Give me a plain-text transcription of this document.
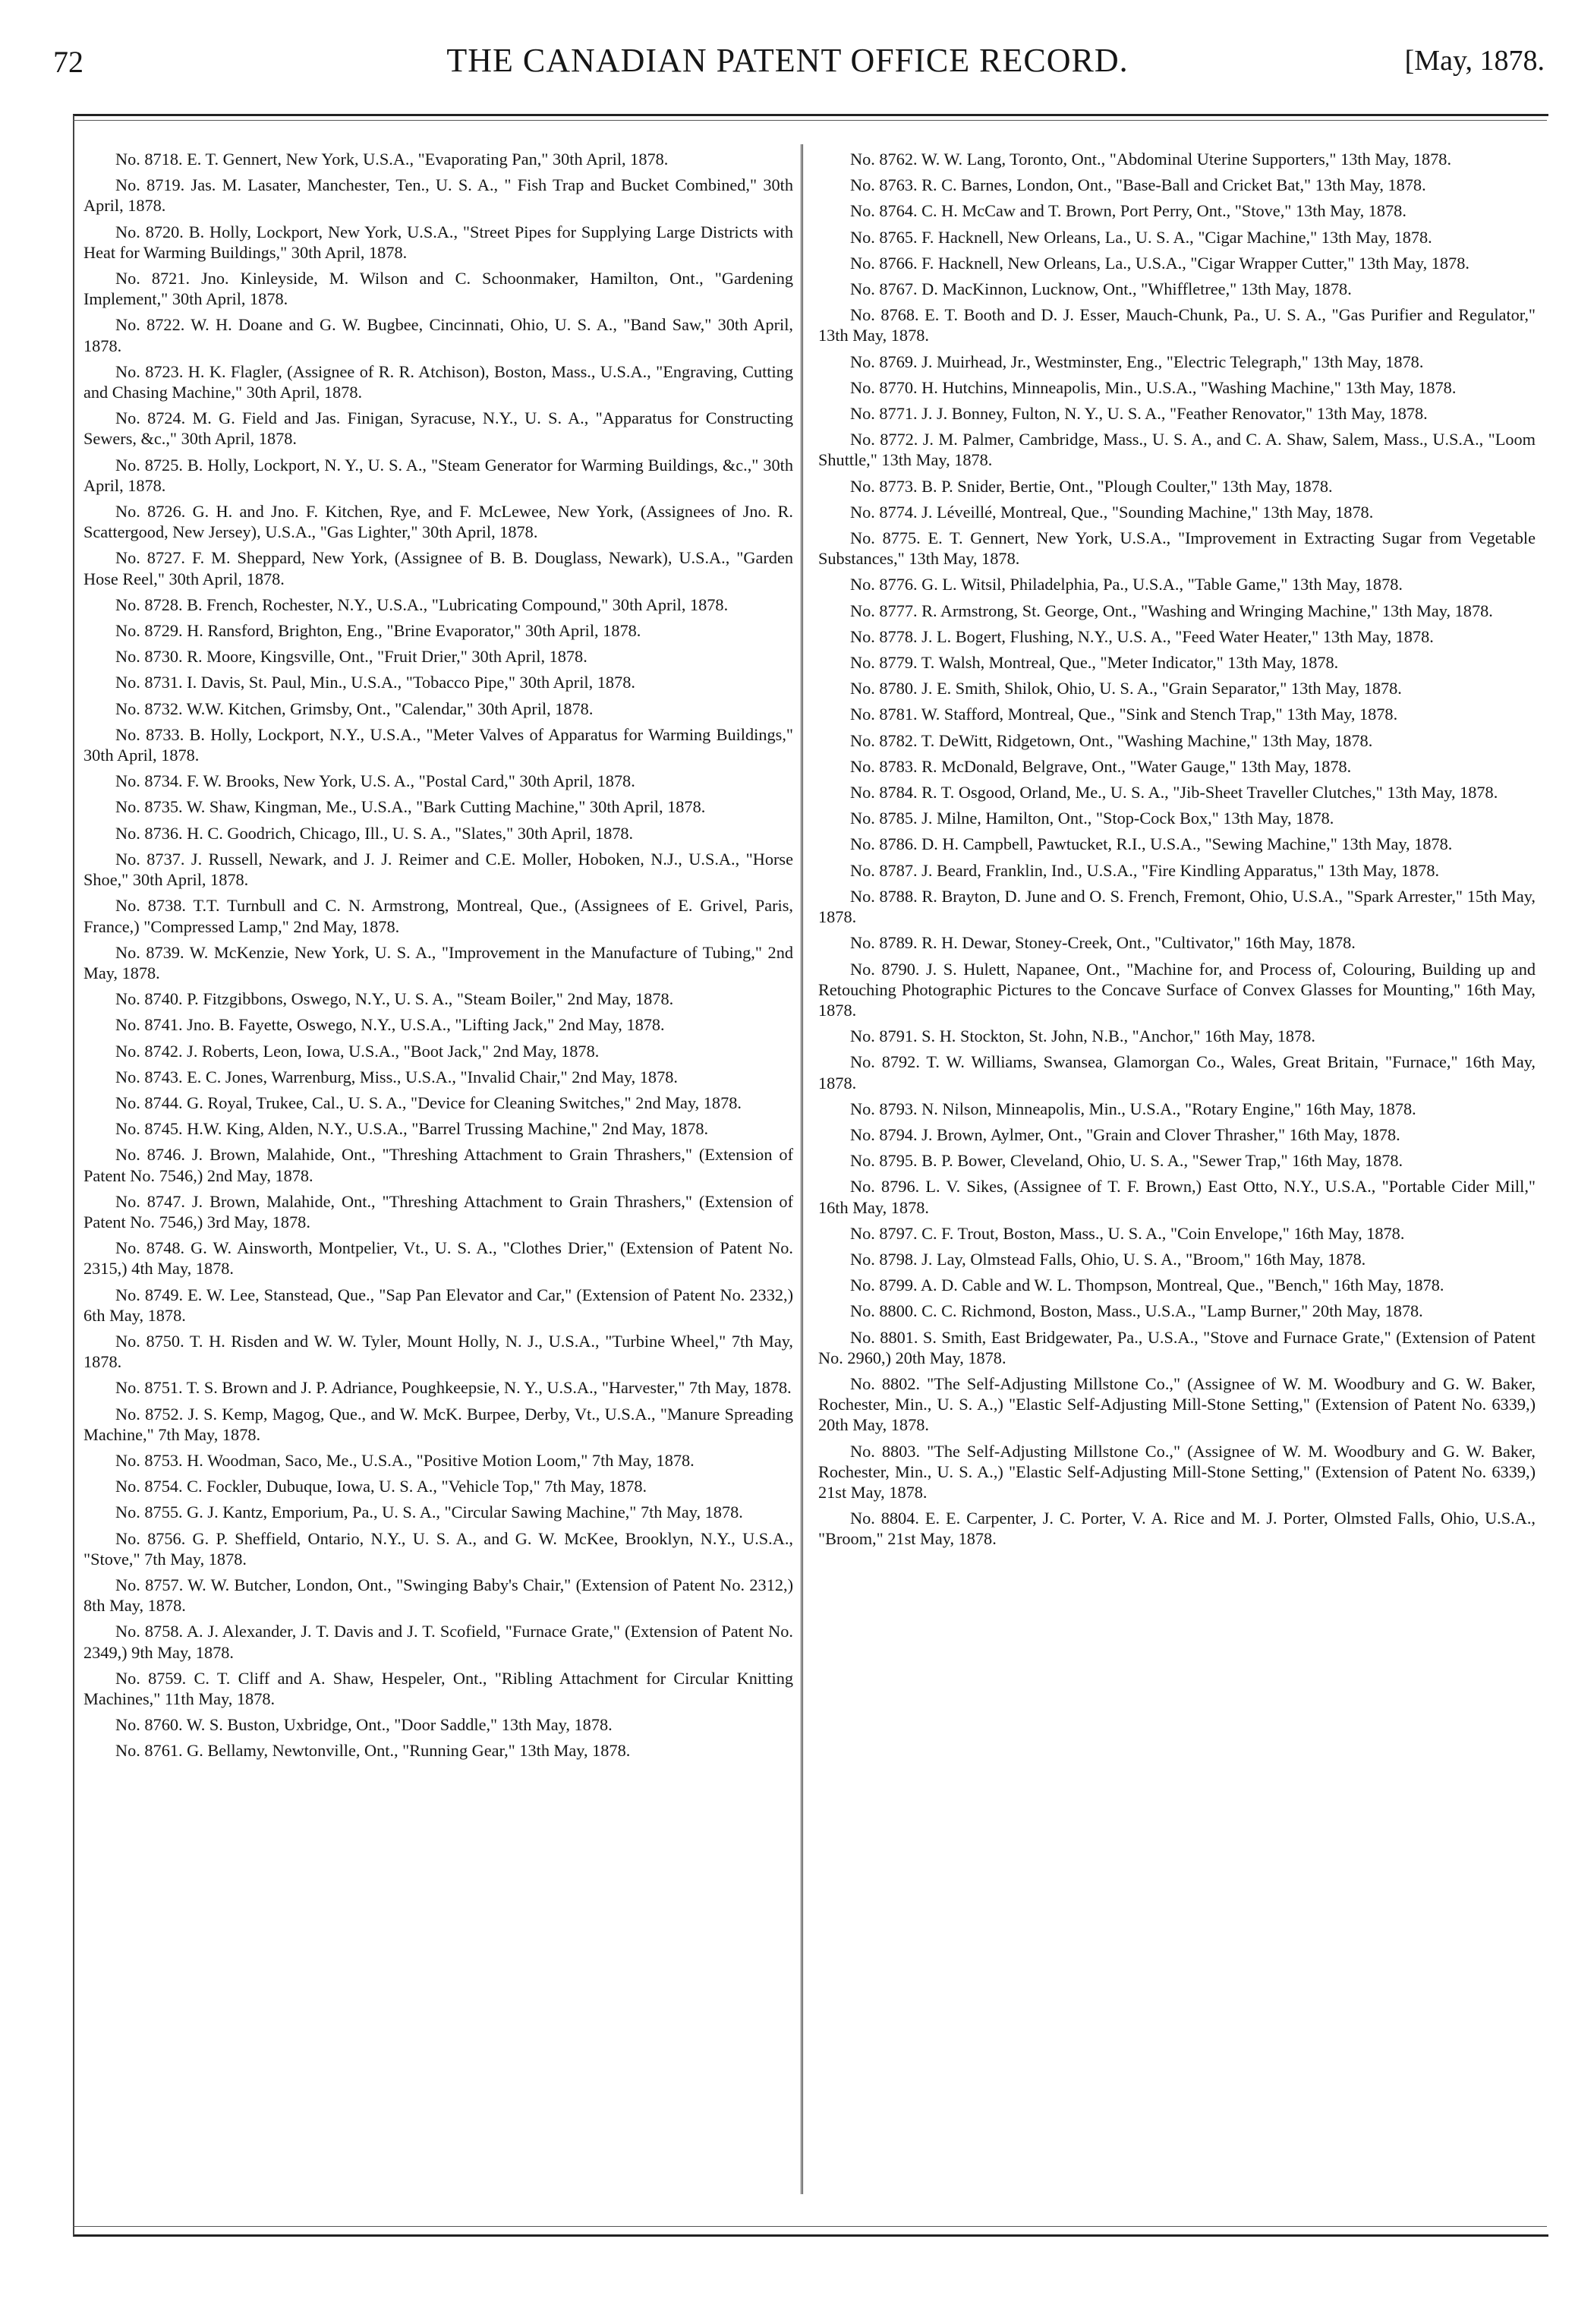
72	THE CANADIAN PATENT OFFICE RECORD.	[May, 1878.

No. 8718. E. T. Gennert, New York, U.S.A., "Evaporating Pan," 30th April, 1878.

No. 8719. Jas. M. Lasater, Manchester, Ten., U. S. A., " Fish Trap and Bucket Combined," 30th April, 1878.

No. 8720. B. Holly, Lockport, New York, U.S.A., "Street Pipes for Supplying Large Districts with Heat for Warming Buildings," 30th April, 1878.

No. 8721. Jno. Kinleyside, M. Wilson and C. Schoonmaker, Hamilton, Ont., "Gardening Implement," 30th April, 1878.

No. 8722. W. H. Doane and G. W. Bugbee, Cincinnati, Ohio, U. S. A., "Band Saw," 30th April, 1878.

No. 8723. H. K. Flagler, (Assignee of R. R. Atchison), Boston, Mass., U.S.A., "Engraving, Cutting and Chasing Machine," 30th April, 1878.

No. 8724. M. G. Field and Jas. Finigan, Syracuse, N.Y., U. S. A., "Apparatus for Constructing Sewers, &c.," 30th April, 1878.

No. 8725. B. Holly, Lockport, N. Y., U. S. A., "Steam Generator for Warming Buildings, &c.," 30th April, 1878.

No. 8726. G. H. and Jno. F. Kitchen, Rye, and F. McLewee, New York, (Assignees of Jno. R. Scattergood, New Jersey), U.S.A., "Gas Lighter," 30th April, 1878.

No. 8727. F. M. Sheppard, New York, (Assignee of B. B. Douglass, Newark), U.S.A., "Garden Hose Reel," 30th April, 1878.

No. 8728. B. French, Rochester, N.Y., U.S.A., "Lubricating Compound," 30th April, 1878.

No. 8729. H. Ransford, Brighton, Eng., "Brine Evaporator," 30th April, 1878.

No. 8730. R. Moore, Kingsville, Ont., "Fruit Drier," 30th April, 1878.

No. 8731. I. Davis, St. Paul, Min., U.S.A., "Tobacco Pipe," 30th April, 1878.

No. 8732. W.W. Kitchen, Grimsby, Ont., "Calendar," 30th April, 1878.

No. 8733. B. Holly, Lockport, N.Y., U.S.A., "Meter Valves of Apparatus for Warming Buildings," 30th April, 1878.

No. 8734. F. W. Brooks, New York, U.S. A., "Postal Card," 30th April, 1878.

No. 8735. W. Shaw, Kingman, Me., U.S.A., "Bark Cutting Machine," 30th April, 1878.

No. 8736. H. C. Goodrich, Chicago, Ill., U. S. A., "Slates," 30th April, 1878.

No. 8737. J. Russell, Newark, and J. J. Reimer and C.E. Moller, Hoboken, N.J., U.S.A., "Horse Shoe," 30th April, 1878.

No. 8738. T.T. Turnbull and C. N. Armstrong, Montreal, Que., (Assignees of E. Grivel, Paris, France,) "Compressed Lamp," 2nd May, 1878.

No. 8739. W. McKenzie, New York, U. S. A., "Improvement in the Manufacture of Tubing," 2nd May, 1878.

No. 8740. P. Fitzgibbons, Oswego, N.Y., U. S. A., "Steam Boiler," 2nd May, 1878.

No. 8741. Jno. B. Fayette, Oswego, N.Y., U.S.A., "Lifting Jack," 2nd May, 1878.

No. 8742. J. Roberts, Leon, Iowa, U.S.A., "Boot Jack," 2nd May, 1878.

No. 8743. E. C. Jones, Warrenburg, Miss., U.S.A., "Invalid Chair," 2nd May, 1878.

No. 8744. G. Royal, Trukee, Cal., U. S. A., "Device for Cleaning Switches," 2nd May, 1878.

No. 8745. H.W. King, Alden, N.Y., U.S.A., "Barrel Trussing Machine," 2nd May, 1878.

No. 8746. J. Brown, Malahide, Ont., "Threshing Attachment to Grain Thrashers," (Extension of Patent No. 7546,) 2nd May, 1878.

No. 8747. J. Brown, Malahide, Ont., "Threshing Attachment to Grain Thrashers," (Extension of Patent No. 7546,) 3rd May, 1878.

No. 8748. G. W. Ainsworth, Montpelier, Vt., U. S. A., "Clothes Drier," (Extension of Patent No. 2315,) 4th May, 1878.

No. 8749. E. W. Lee, Stanstead, Que., "Sap Pan Elevator and Car," (Extension of Patent No. 2332,) 6th May, 1878.

No. 8750. T. H. Risden and W. W. Tyler, Mount Holly, N. J., U.S.A., "Turbine Wheel," 7th May, 1878.

No. 8751. T. S. Brown and J. P. Adriance, Poughkeepsie, N. Y., U.S.A., "Harvester," 7th May, 1878.

No. 8752. J. S. Kemp, Magog, Que., and W. McK. Burpee, Derby, Vt., U.S.A., "Manure Spreading Machine," 7th May, 1878.

No. 8753. H. Woodman, Saco, Me., U.S.A., "Positive Motion Loom," 7th May, 1878.

No. 8754. C. Fockler, Dubuque, Iowa, U. S. A., "Vehicle Top," 7th May, 1878.

No. 8755. G. J. Kantz, Emporium, Pa., U. S. A., "Circular Sawing Machine," 7th May, 1878.

No. 8756. G. P. Sheffield, Ontario, N.Y., U. S. A., and G. W. McKee, Brooklyn, N.Y., U.S.A., "Stove," 7th May, 1878.

No. 8757. W. W. Butcher, London, Ont., "Swinging Baby's Chair," (Extension of Patent No. 2312,) 8th May, 1878.

No. 8758. A. J. Alexander, J. T. Davis and J. T. Scofield, "Furnace Grate," (Extension of Patent No. 2349,) 9th May, 1878.

No. 8759. C. T. Cliff and A. Shaw, Hespeler, Ont., "Ribling Attachment for Circular Knitting Machines," 11th May, 1878.

No. 8760. W. S. Buston, Uxbridge, Ont., "Door Saddle," 13th May, 1878.

No. 8761. G. Bellamy, Newtonville, Ont., "Running Gear," 13th May, 1878.

No. 8762. W. W. Lang, Toronto, Ont., "Abdominal Uterine Supporters," 13th May, 1878.

No. 8763. R. C. Barnes, London, Ont., "Base-Ball and Cricket Bat," 13th May, 1878.

No. 8764. C. H. McCaw and T. Brown, Port Perry, Ont., "Stove," 13th May, 1878.

No. 8765. F. Hacknell, New Orleans, La., U. S. A., "Cigar Machine," 13th May, 1878.

No. 8766. F. Hacknell, New Orleans, La., U.S.A., "Cigar Wrapper Cutter," 13th May, 1878.

No. 8767. D. MacKinnon, Lucknow, Ont., "Whiffletree," 13th May, 1878.

No. 8768. E. T. Booth and D. J. Esser, Mauch-Chunk, Pa., U. S. A., "Gas Purifier and Regulator," 13th May, 1878.

No. 8769. J. Muirhead, Jr., Westminster, Eng., "Electric Telegraph," 13th May, 1878.

No. 8770. H. Hutchins, Minneapolis, Min., U.S.A., "Washing Machine," 13th May, 1878.

No. 8771. J. J. Bonney, Fulton, N. Y., U. S. A., "Feather Renovator," 13th May, 1878.

No. 8772. J. M. Palmer, Cambridge, Mass., U. S. A., and C. A. Shaw, Salem, Mass., U.S.A., "Loom Shuttle," 13th May, 1878.

No. 8773. B. P. Snider, Bertie, Ont., "Plough Coulter," 13th May, 1878.

No. 8774. J. Léveillé, Montreal, Que., "Sounding Machine," 13th May, 1878.

No. 8775. E. T. Gennert, New York, U.S.A., "Improvement in Extracting Sugar from Vegetable Substances," 13th May, 1878.

No. 8776. G. L. Witsil, Philadelphia, Pa., U.S.A., "Table Game," 13th May, 1878.

No. 8777. R. Armstrong, St. George, Ont., "Washing and Wringing Machine," 13th May, 1878.

No. 8778. J. L. Bogert, Flushing, N.Y., U.S. A., "Feed Water Heater," 13th May, 1878.

No. 8779. T. Walsh, Montreal, Que., "Meter Indicator," 13th May, 1878.

No. 8780. J. E. Smith, Shilok, Ohio, U. S. A., "Grain Separator," 13th May, 1878.

No. 8781. W. Stafford, Montreal, Que., "Sink and Stench Trap," 13th May, 1878.

No. 8782. T. DeWitt, Ridgetown, Ont., "Washing Machine," 13th May, 1878.

No. 8783. R. McDonald, Belgrave, Ont., "Water Gauge," 13th May, 1878.

No. 8784. R. T. Osgood, Orland, Me., U. S. A., "Jib-Sheet Traveller Clutches," 13th May, 1878.

No. 8785. J. Milne, Hamilton, Ont., "Stop-Cock Box," 13th May, 1878.

No. 8786. D. H. Campbell, Pawtucket, R.I., U.S.A., "Sewing Machine," 13th May, 1878.

No. 8787. J. Beard, Franklin, Ind., U.S.A., "Fire Kindling Apparatus," 13th May, 1878.

No. 8788. R. Brayton, D. June and O. S. French, Fremont, Ohio, U.S.A., "Spark Arrester," 15th May, 1878.

No. 8789. R. H. Dewar, Stoney-Creek, Ont., "Cultivator," 16th May, 1878.

No. 8790. J. S. Hulett, Napanee, Ont., "Machine for, and Process of, Colouring, Building up and Retouching Photographic Pictures to the Concave Surface of Convex Glasses for Mounting," 16th May, 1878.

No. 8791. S. H. Stockton, St. John, N.B., "Anchor," 16th May, 1878.

No. 8792. T. W. Williams, Swansea, Glamorgan Co., Wales, Great Britain, "Furnace," 16th May, 1878.

No. 8793. N. Nilson, Minneapolis, Min., U.S.A., "Rotary Engine," 16th May, 1878.

No. 8794. J. Brown, Aylmer, Ont., "Grain and Clover Thrasher," 16th May, 1878.

No. 8795. B. P. Bower, Cleveland, Ohio, U. S. A., "Sewer Trap," 16th May, 1878.

No. 8796. L. V. Sikes, (Assignee of T. F. Brown,) East Otto, N.Y., U.S.A., "Portable Cider Mill," 16th May, 1878.

No. 8797. C. F. Trout, Boston, Mass., U. S. A., "Coin Envelope," 16th May, 1878.

No. 8798. J. Lay, Olmstead Falls, Ohio, U. S. A., "Broom," 16th May, 1878.

No. 8799. A. D. Cable and W. L. Thompson, Montreal, Que., "Bench," 16th May, 1878.

No. 8800. C. C. Richmond, Boston, Mass., U.S.A., "Lamp Burner," 20th May, 1878.

No. 8801. S. Smith, East Bridgewater, Pa., U.S.A., "Stove and Furnace Grate," (Extension of Patent No. 2960,) 20th May, 1878.

No. 8802. "The Self-Adjusting Millstone Co.," (Assignee of W. M. Woodbury and G. W. Baker, Rochester, Min., U. S. A.,) "Elastic Self-Adjusting Mill-Stone Setting," (Extension of Patent No. 6339,) 20th May, 1878.

No. 8803. "The Self-Adjusting Millstone Co.," (Assignee of W. M. Woodbury and G. W. Baker, Rochester, Min., U. S. A.,) "Elastic Self-Adjusting Mill-Stone Setting," (Extension of Patent No. 6339,) 21st May, 1878.

No. 8804. E. E. Carpenter, J. C. Porter, V. A. Rice and M. J. Porter, Olmsted Falls, Ohio, U.S.A., "Broom," 21st May, 1878.
